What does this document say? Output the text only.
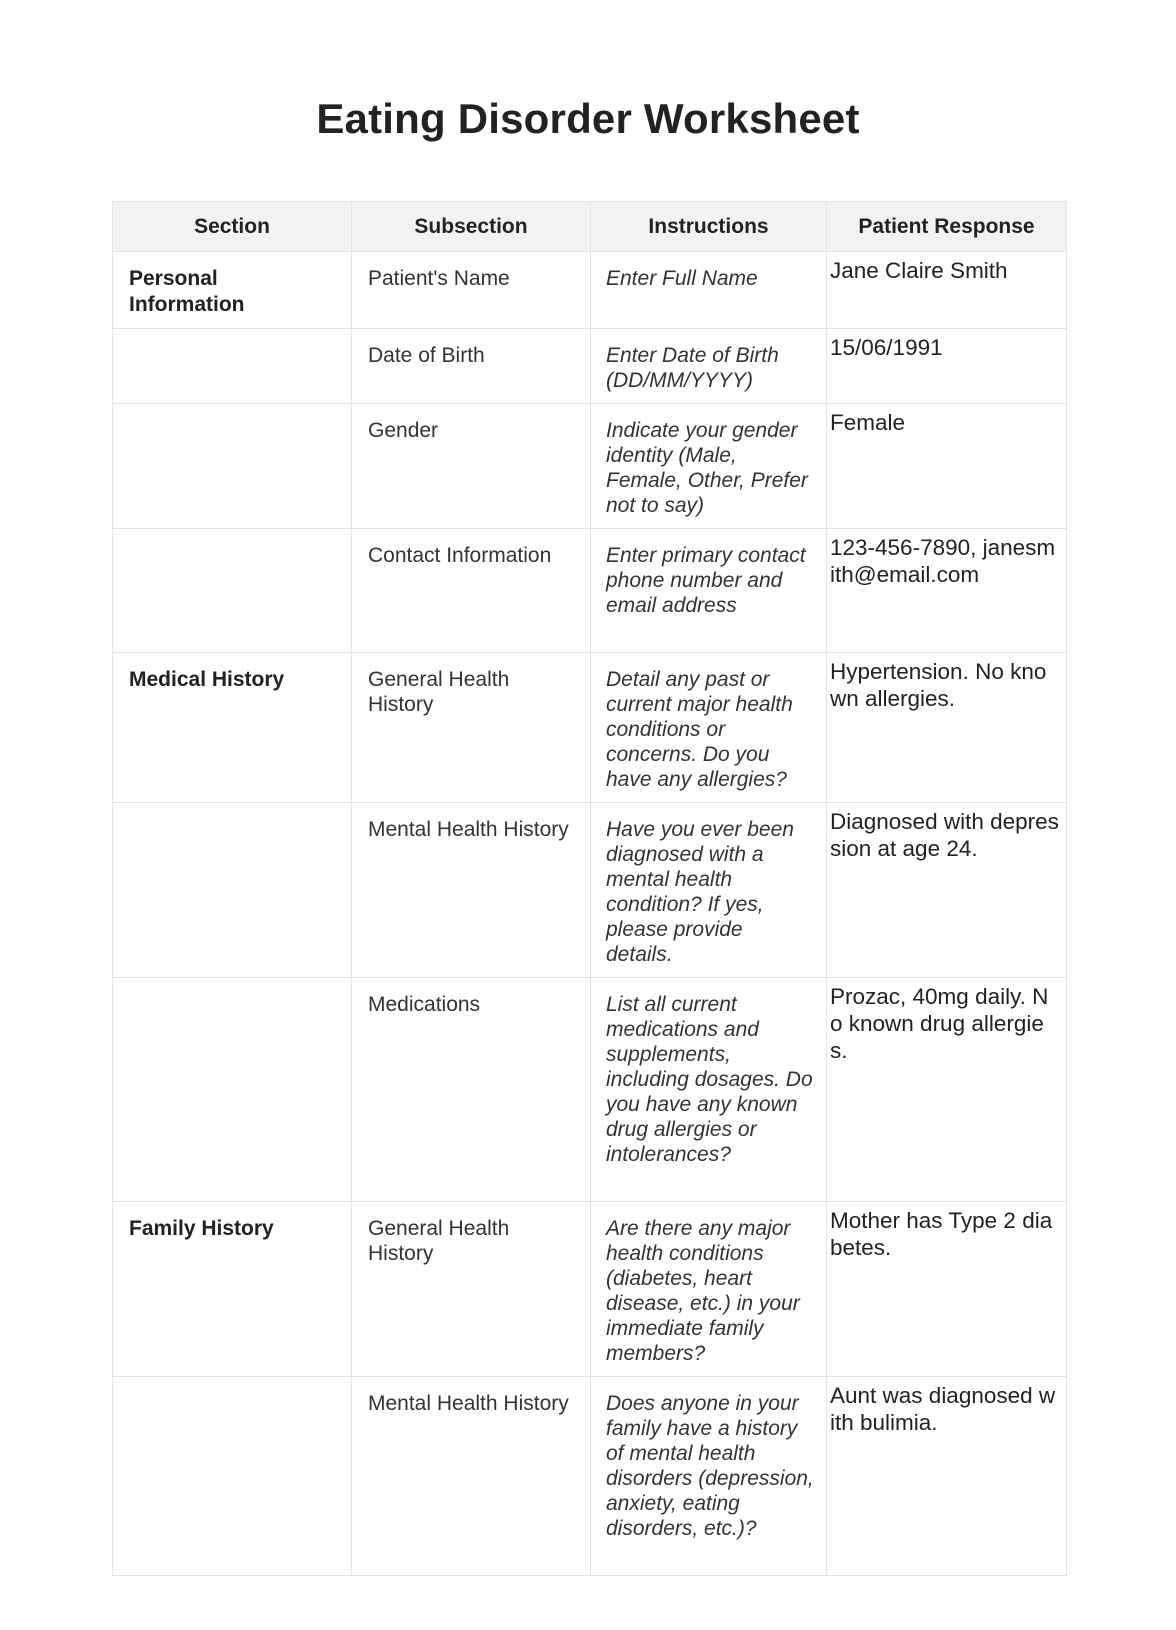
Eating Disorder Worksheet
Section	Subsection	Instructions	Patient Response
Personal Information	Patient's Name	Enter Full Name	Jane Claire Smith
	Date of Birth	Enter Date of Birth (DD/MM/YYYY)	15/06/1991
	Gender	Indicate your gender identity (Male, Female, Other, Prefer not to say)	Female
	Contact Information	Enter primary contact phone number and email address	123-456-7890, janesmith@email.com
Medical History	General Health History	Detail any past or current major health conditions or concerns. Do you have any allergies?	Hypertension. No known allergies.
	Mental Health History	Have you ever been diagnosed with a mental health condition? If yes, please provide details.	Diagnosed with depression at age 24.
	Medications	List all current medications and supplements, including dosages. Do you have any known drug allergies or intolerances?	Prozac, 40mg daily. No known drug allergies.
Family History	General Health History	Are there any major health conditions (diabetes, heart disease, etc.) in your immediate family members?	Mother has Type 2 diabetes.
	Mental Health History	Does anyone in your family have a history of mental health disorders (depression, anxiety, eating disorders, etc.)?	Aunt was diagnosed with bulimia.
